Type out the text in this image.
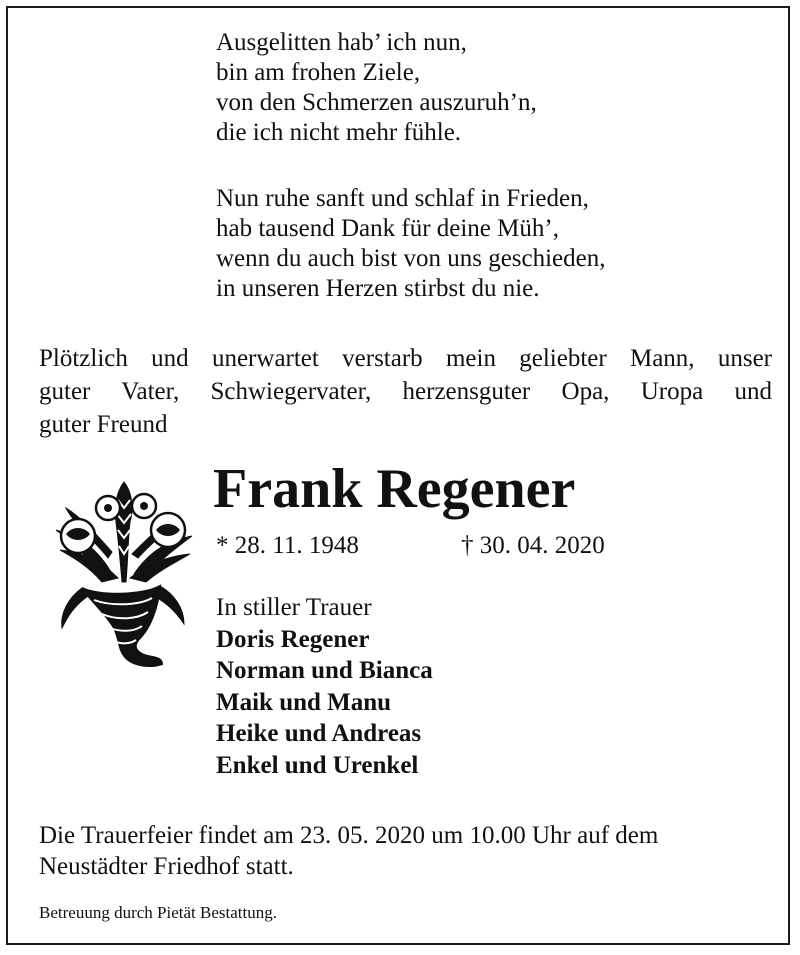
Ausgelitten hab’ ich nun,
bin am frohen Ziele,
von den Schmerzen auszuruh’n,
die ich nicht mehr fühle.
Nun ruhe sanft und schlaf in Frieden,
hab tausend Dank für deine Müh’,
wenn du auch bist von uns geschieden,
in unseren Herzen stirbst du nie.
Plötzlich und unerwartet verstarb mein geliebter Mann, unser
guter Vater, Schwiegervater, herzensguter Opa, Uropa und
guter Freund
Frank Regener
* 28. 11. 1948	† 30. 04. 2020
In stiller Trauer
Doris Regener
Norman und Bianca
Maik und Manu
Heike und Andreas
Enkel und Urenkel
Die Trauerfeier findet am 23. 05. 2020 um 10.00 Uhr auf dem
Neustädter Friedhof statt.
Betreuung durch Pietät Bestattung.
